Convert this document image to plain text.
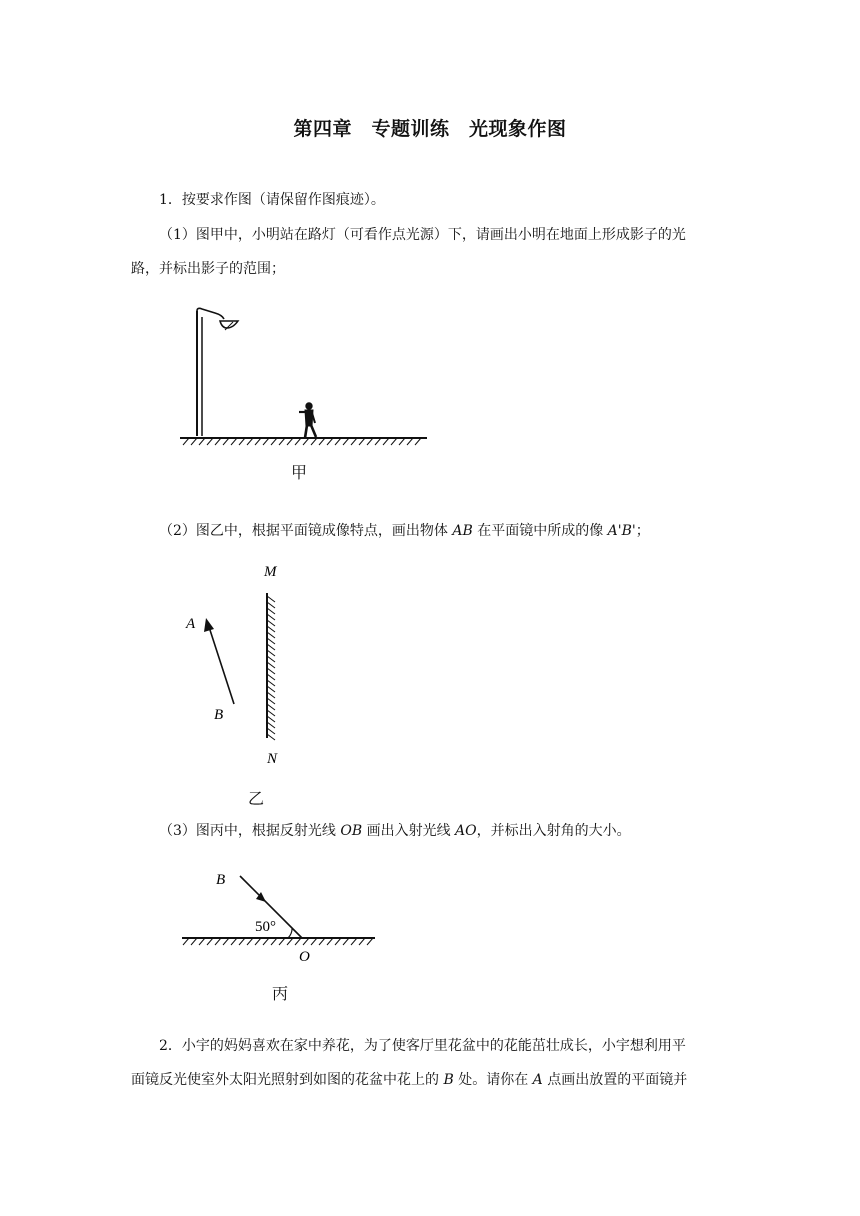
第四章　专题训练　光现象作图
1．按要求作图（请保留作图痕迹）。
（1）图甲中，小明站在路灯（可看作点光源）下，请画出小明在地面上形成影子的光
路，并标出影子的范围；
甲
（2）图乙中，根据平面镜成像特点，画出物体 AB 在平面镜中所成的像 A'B'；
M
N
A
B
乙
（3）图丙中，根据反射光线 OB 画出入射光线 AO，并标出入射角的大小。
B
O
50°
丙
2．小宇的妈妈喜欢在家中养花，为了使客厅里花盆中的花能茁壮成长，小宇想利用平
面镜反光使室外太阳光照射到如图的花盆中花上的 B 处。请你在 A 点画出放置的平面镜并
